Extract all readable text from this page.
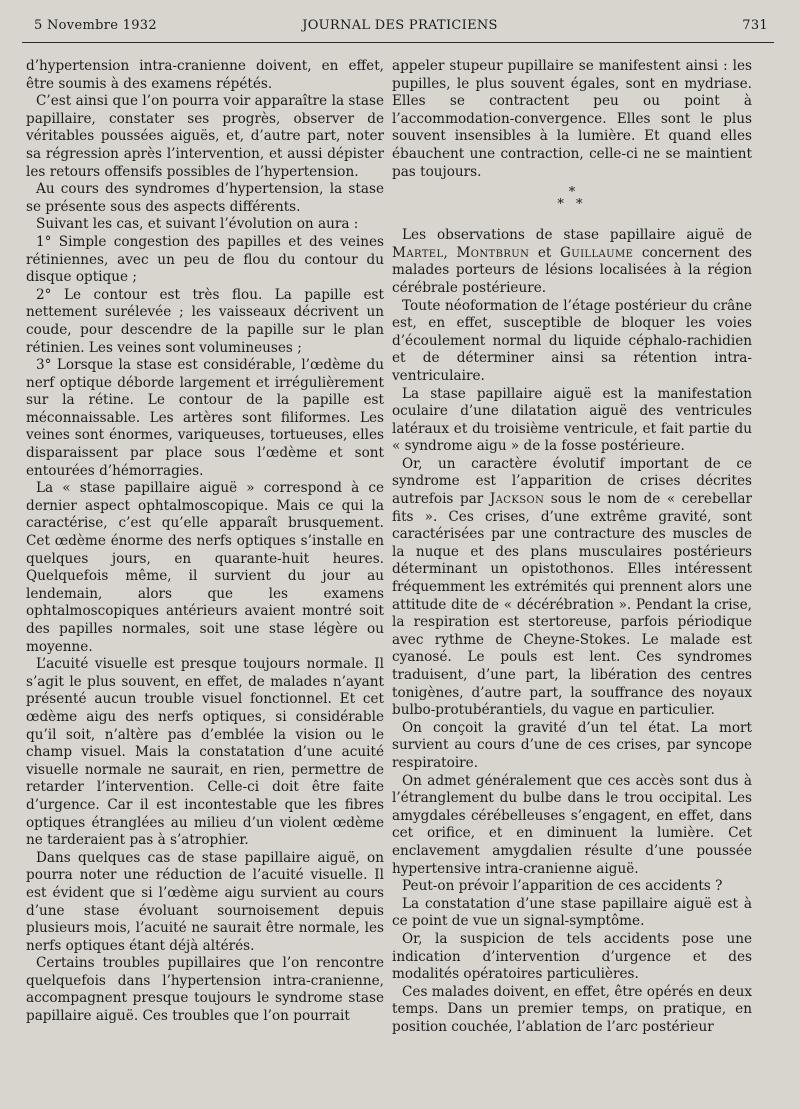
5 Novembre 1932	JOURNAL DES PRATICIENS	731

d’hypertension intra-cranienne doivent, en effet, être soumis à des examens répétés.

C’est ainsi que l’on pourra voir apparaître la stase papillaire, constater ses progrès, observer de véritables poussées aiguës, et, d’autre part, noter sa régression après l’intervention, et aussi dépister les retours offensifs possibles de l’hypertension.

Au cours des syndromes d’hypertension, la stase se présente sous des aspects différents.

Suivant les cas, et suivant l’évolution on aura :

1° Simple congestion des papilles et des veines rétiniennes, avec un peu de flou du contour du disque optique ;

2° Le contour est très flou. La papille est nettement surélevée ; les vaisseaux décrivent un coude, pour descendre de la papille sur le plan rétinien. Les veines sont volumineuses ;

3° Lorsque la stase est considérable, l’œdème du nerf optique déborde largement et irrégulièrement sur la rétine. Le contour de la papille est méconnaissable. Les artères sont filiformes. Les veines sont énormes, variqueuses, tortueuses, elles disparaissent par place sous l’œdème et sont entourées d’hémorragies.

La « stase papillaire aiguë » correspond à ce dernier aspect ophtalmoscopique. Mais ce qui la caractérise, c’est qu’elle apparaît brusquement. Cet œdème énorme des nerfs optiques s’installe en quelques jours, en quarante-huit heures. Quelquefois même, il survient du jour au lendemain, alors que les examens ophtalmoscopiques antérieurs avaient montré soit des papilles normales, soit une stase légère ou moyenne.

L’acuité visuelle est presque toujours normale. Il s’agit le plus souvent, en effet, de malades n’ayant présenté aucun trouble visuel fonctionnel. Et cet œdème aigu des nerfs optiques, si considérable qu’il soit, n’altère pas d’emblée la vision ou le champ visuel. Mais la constatation d’une acuité visuelle normale ne saurait, en rien, permettre de retarder l’intervention. Celle-ci doit être faite d’urgence. Car il est incontestable que les fibres optiques étranglées au milieu d’un violent œdème ne tarderaient pas à s’atrophier.

Dans quelques cas de stase papillaire aiguë, on pourra noter une réduction de l’acuité visuelle. Il est évident que si l’œdème aigu survient au cours d’une stase évoluant sournoisement depuis plusieurs mois, l’acuité ne saurait être normale, les nerfs optiques étant déjà altérés.

Certains troubles pupillaires que l’on rencontre quelquefois dans l’hypertension intra-cranienne, accompagnent presque toujours le syndrome stase papillaire aiguë. Ces troubles que l’on pourrait

appeler stupeur pupillaire se manifestent ainsi : les pupilles, le plus souvent égales, sont en mydriase. Elles se contractent peu ou point à l’accommodation-convergence. Elles sont le plus souvent insensibles à la lumière. Et quand elles ébauchent une contraction, celle-ci ne se maintient pas toujours.

*
* *

Les observations de stase papillaire aiguë de Martel, Montbrun et Guillaume concernent des malades porteurs de lésions localisées à la région cérébrale postérieure.

Toute néoformation de l’étage postérieur du crâne est, en effet, susceptible de bloquer les voies d’écoulement normal du liquide céphalo-rachidien et de déterminer ainsi sa rétention intra-ventriculaire.

La stase papillaire aiguë est la manifestation oculaire d’une dilatation aiguë des ventricules latéraux et du troisième ventricule, et fait partie du « syndrome aigu » de la fosse postérieure.

Or, un caractère évolutif important de ce syndrome est l’apparition de crises décrites autrefois par Jackson sous le nom de « cerebellar fits ». Ces crises, d’une extrême gravité, sont caractérisées par une contracture des muscles de la nuque et des plans musculaires postérieurs déterminant un opistothonos. Elles intéressent fréquemment les extrémités qui prennent alors une attitude dite de « décérébration ». Pendant la crise, la respiration est stertoreuse, parfois périodique avec rythme de Cheyne-Stokes. Le malade est cyanosé. Le pouls est lent. Ces syndromes traduisent, d’une part, la libération des centres tonigènes, d’autre part, la souffrance des noyaux bulbo-protubérantiels, du vague en particulier.

On conçoit la gravité d’un tel état. La mort survient au cours d’une de ces crises, par syncope respiratoire.

On admet généralement que ces accès sont dus à l’étranglement du bulbe dans le trou occipital. Les amygdales cérébelleuses s’engagent, en effet, dans cet orifice, et en diminuent la lumière. Cet enclavement amygdalien résulte d’une poussée hypertensive intra-cranienne aiguë.

Peut-on prévoir l’apparition de ces accidents ?

La constatation d’une stase papillaire aiguë est à ce point de vue un signal-symptôme.

Or, la suspicion de tels accidents pose une indication d’intervention d’urgence et des modalités opératoires particulières.

Ces malades doivent, en effet, être opérés en deux temps. Dans un premier temps, on pratique, en position couchée, l’ablation de l’arc postérieur
